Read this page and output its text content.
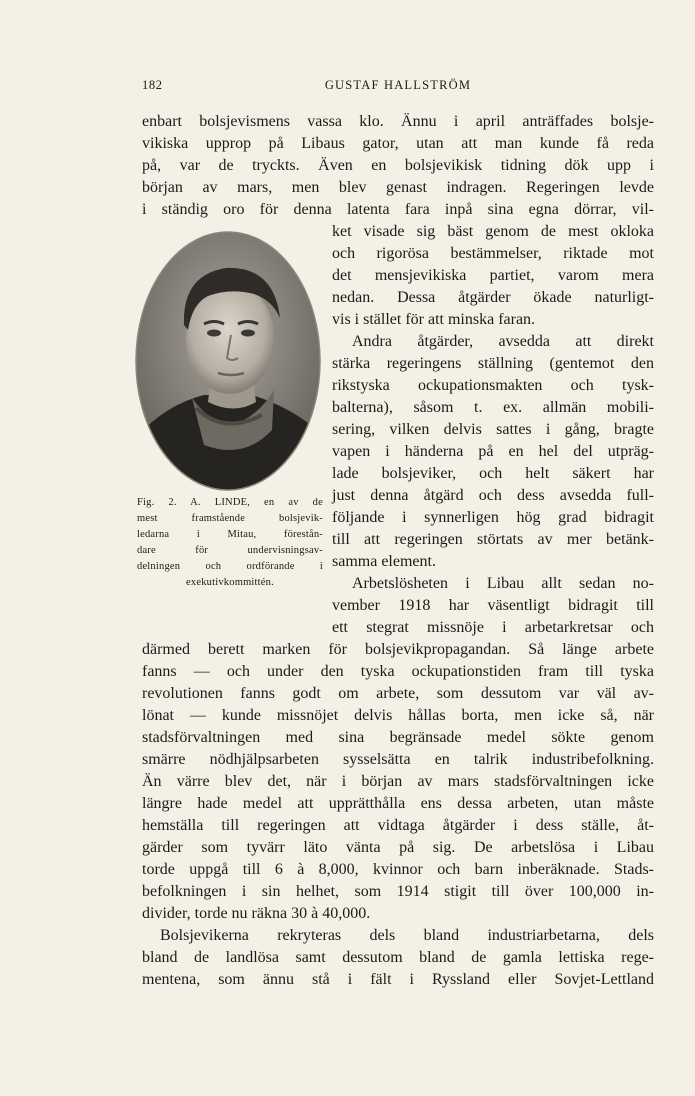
182	GUSTAF HALLSTRÖM
enbart bolsjevismens vassa klo. Ännu i april anträffades bolsje-
vikiska upprop på Libaus gator, utan att man kunde få reda
på, var de tryckts. Även en bolsjevikisk tidning dök upp i
början av mars, men blev genast indragen. Regeringen levde
i ständig oro för denna latenta fara inpå sina egna dörrar, vil-
ket visade sig bäst genom de mest okloka
och rigorösa bestämmelser, riktade mot
det mensjevikiska partiet, varom mera
nedan. Dessa åtgärder ökade naturligt-
vis i stället för att minska faran.
Andra åtgärder, avsedda att direkt
stärka regeringens ställning (gentemot den
rikstyska ockupationsmakten och tysk-
balterna), såsom t. ex. allmän mobili-
sering, vilken delvis sattes i gång, bragte
vapen i händerna på en hel del utpräg-
lade bolsjeviker, och helt säkert har
just denna åtgärd och dess avsedda full-
följande i synnerligen hög grad bidragit
till att regeringen störtats av mer betänk-
samma element.
Arbetslösheten i Libau allt sedan no-
vember 1918 har väsentligt bidragit till
ett stegrat missnöje i arbetarkretsar och
därmed berett marken för bolsjevikpropagandan. Så länge arbete
fanns — och under den tyska ockupationstiden fram till tyska
revolutionen fanns godt om arbete, som dessutom var väl av-
lönat — kunde missnöjet delvis hållas borta, men icke så, när
stadsförvaltningen med sina begränsade medel sökte genom
smärre nödhjälpsarbeten sysselsätta en talrik industribefolkning.
Än värre blev det, när i början av mars stadsförvaltningen icke
längre hade medel att upprätthålla ens dessa arbeten, utan måste
hemställa till regeringen att vidtaga åtgärder i dess ställe, åt-
gärder som tyvärr läto vänta på sig. De arbetslösa i Libau
torde uppgå till 6 à 8,000, kvinnor och barn inberäknade. Stads-
befolkningen i sin helhet, som 1914 stigit till över 100,000 in-
divider, torde nu räkna 30 à 40,000.
Bolsjevikerna rekryteras dels bland industriarbetarna, dels
bland de landlösa samt dessutom bland de gamla lettiska rege-
mentena, som ännu stå i fält i Ryssland eller Sovjet-Lettland
Fig. 2. A. LINDE, en av de
mest framstående bolsjevik-
ledarna i Mitau, förestån-
dare för undervisningsav-
delningen och ordförande i
exekutivkommittén.
